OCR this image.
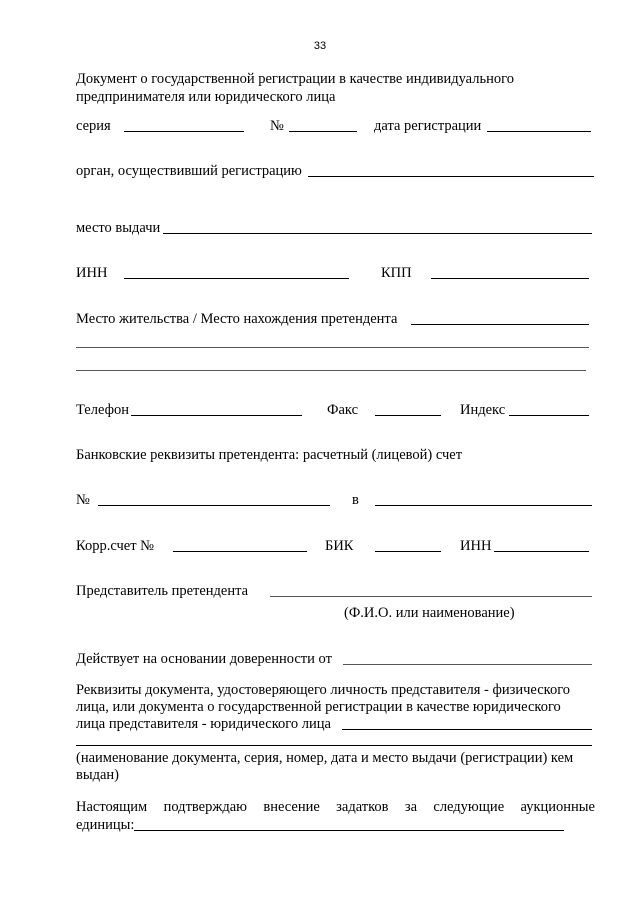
33
Документ о государственной регистрации в качестве индивидуального
предпринимателя или юридического лица
серия	№	дата регистрации
орган, осуществивший регистрацию
место выдачи
ИНН	КПП
Место жительства / Место нахождения претендента
Телефон	Факс	Индекс
Банковские реквизиты претендента: расчетный (лицевой) счет
№	в
Корр.счет №	БИК	ИНН
Представитель претендента
(Ф.И.О. или наименование)
Действует на основании доверенности от
Реквизиты документа, удостоверяющего личность представителя - физического
лица, или документа о государственной регистрации в качестве юридического
лица представителя - юридического лица
(наименование документа, серия, номер, дата и место выдачи (регистрации) кем
выдан)
Настоящим подтверждаю внесение задатков за следующие аукционные
единицы:
